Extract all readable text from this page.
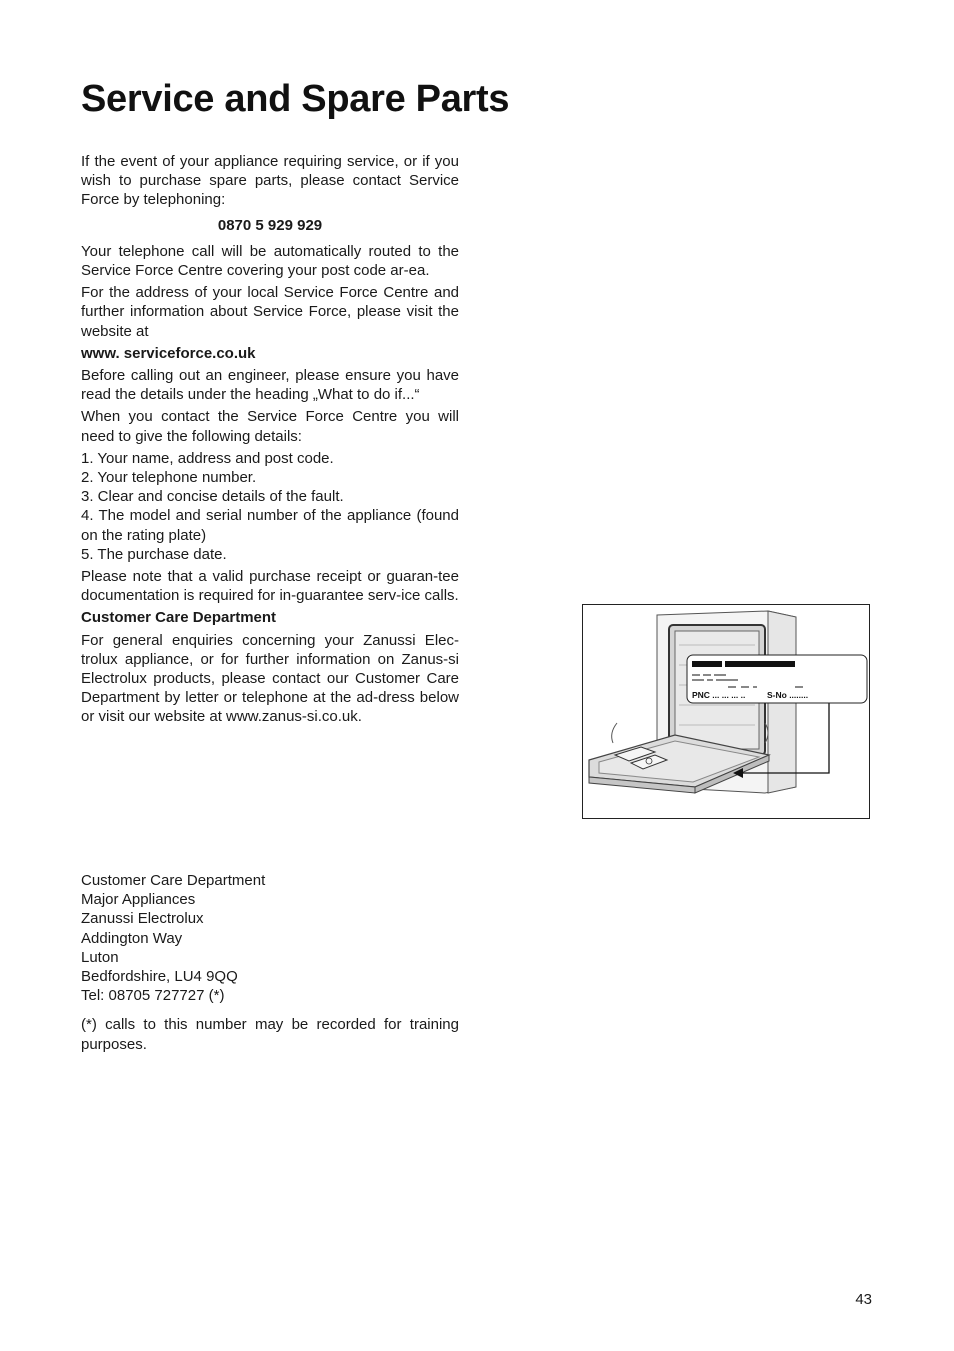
Service and Spare Parts

If the event of your appliance requiring service, or if you wish to purchase spare parts, please contact Service Force by telephoning:

0870 5 929 929

Your telephone call will be automatically routed to the Service Force Centre covering your post code ar-ea.

For the address of your local Service Force Centre and further information about Service Force, please visit the website at

www. serviceforce.co.uk

Before calling out an engineer, please ensure you have read the details under the heading „What to do if...“

When you contact the Service Force Centre you will need to give the following details:

1. Your name, address and post code.
2. Your telephone number.
3. Clear and concise details of the fault.
4. The model and serial number of the appliance (found on the rating plate)
5. The purchase date.

Please note that a valid purchase receipt or guaran-tee documentation is required for in-guarantee serv-ice calls.

Customer Care Department

For general enquiries concerning your Zanussi Elec-trolux appliance, or for further information on Zanus-si Electrolux products, please contact our Customer Care Department by letter or telephone at the ad-dress below or visit our website at www.zanus-si.co.uk.

Customer Care Department
Major Appliances
Zanussi Electrolux
Addington Way
Luton
Bedfordshire, LU4 9QQ
Tel: 08705 727727 (*)

(*) calls to this number may be recorded for training purposes.

PNC ... ... ... ..	S-No ........
43
